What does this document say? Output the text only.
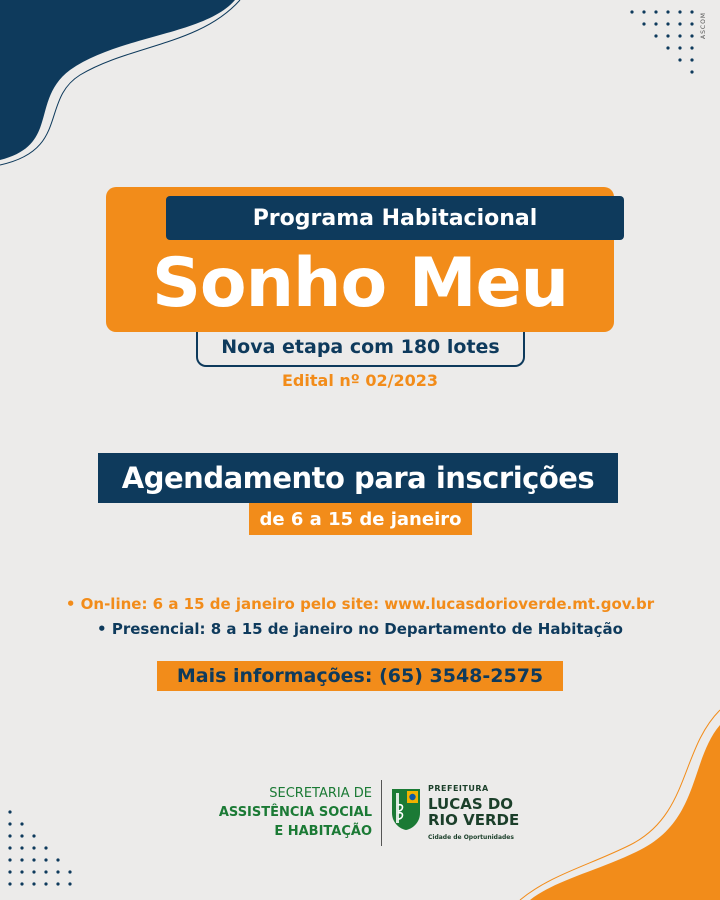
ASCOM
Programa Habitacional
Sonho Meu
Nova etapa com 180 lotes
Edital nº 02/2023
Agendamento para inscrições
de 6 a 15 de janeiro
• On-line: 6 a 15 de janeiro pelo site: www.lucasdorioverde.mt.gov.br
• Presencial: 8 a 15 de janeiro no Departamento de Habitação
Mais informações: (65) 3548-2575
SECRETARIA DE
ASSISTÊNCIA SOCIAL
E HABITAÇÃO
PREFEITURA
LUCAS DO
RIO VERDE
Cidade de Oportunidades
